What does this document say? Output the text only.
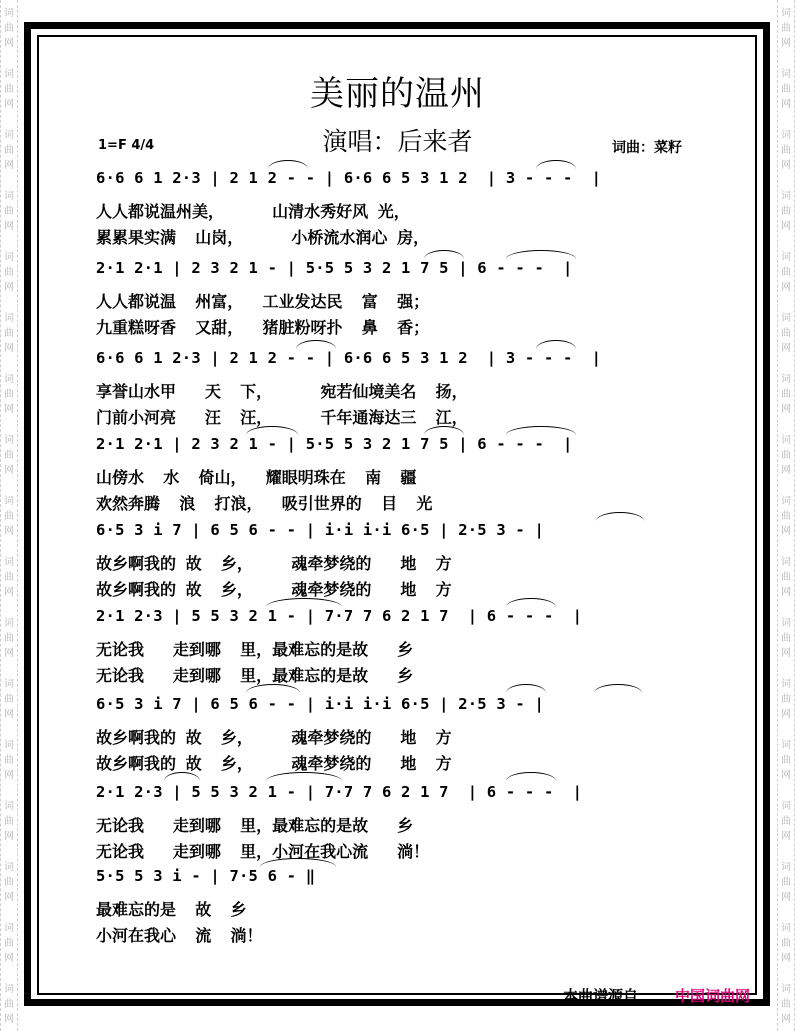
词
曲
网
词
曲
网
词
曲
网
词
曲
网
词
曲
网
词
曲
网
词
曲
网
词
曲
网
词
曲
网
词
曲
网
词
曲
网
词
曲
网
词
曲
网
词
曲
网
词
曲
网
词
曲
网
词
曲
网
词
曲
网
词
曲
网
词
曲
网
词
曲
网
词
曲
网
词
曲
网
词
曲
网
词
曲
网
词
曲
网
词
曲
网
词
曲
网
词
曲
网
词
曲
网
词
曲
网
词
曲
网
词
曲
网
词
曲
网
美丽的温州
1=F 4/4	演唱：后来者	词曲：菜籽
6·6 6 1 2·3 | 2 1 2 - - | 6·6 6 5 3 1 2  | 3 - - -  |
人人都说温州美，     山清水秀好风 光，
累累果实满  山岗，     小桥流水润心 房，
2·1 2·1 | 2 3 2 1 - | 5·5 5 3 2 1 7 5 | 6 - - -  |
人人都说温  州富，  工业发达民  富  强；
九重糕呀香  又甜，  猪脏粉呀扑  鼻  香；
6·6 6 1 2·3 | 2 1 2 - - | 6·6 6 5 3 1 2  | 3 - - -  |
享誉山水甲   天  下，     宛若仙境美名  扬，
门前小河亮   汪  汪，     千年通海达三  江，
2·1 2·1 | 2 3 2 1 - | 5·5 5 3 2 1 7 5 | 6 - - -  |
山傍水  水  倚山，  耀眼明珠在  南  疆
欢然奔腾  浪  打浪，  吸引世界的  目  光
6·5 3 i 7 | 6 5 6 - - | i·i i·i 6·5 | 2·5 3 - |
故乡啊我的 故  乡，    魂牵梦绕的   地  方
故乡啊我的 故  乡，    魂牵梦绕的   地  方
2·1 2·3 | 5 5 3 2 1 - | 7·7 7 6 2 1 7  | 6 - - -  |
无论我   走到哪  里，最难忘的是故   乡
无论我   走到哪  里，最难忘的是故   乡
6·5 3 i 7 | 6 5 6 - - | i·i i·i 6·5 | 2·5 3 - |
故乡啊我的 故  乡，    魂牵梦绕的   地  方
故乡啊我的 故  乡，    魂牵梦绕的   地  方
2·1 2·3 | 5 5 3 2 1 - | 7·7 7 6 2 1 7  | 6 - - -  |
无论我   走到哪  里，最难忘的是故   乡
无论我   走到哪  里，小河在我心流   淌！
5·5 5 3 i - | 7·5 6 - ‖
最难忘的是  故  乡
小河在我心  流  淌！
本曲谱源自 中国词曲网
